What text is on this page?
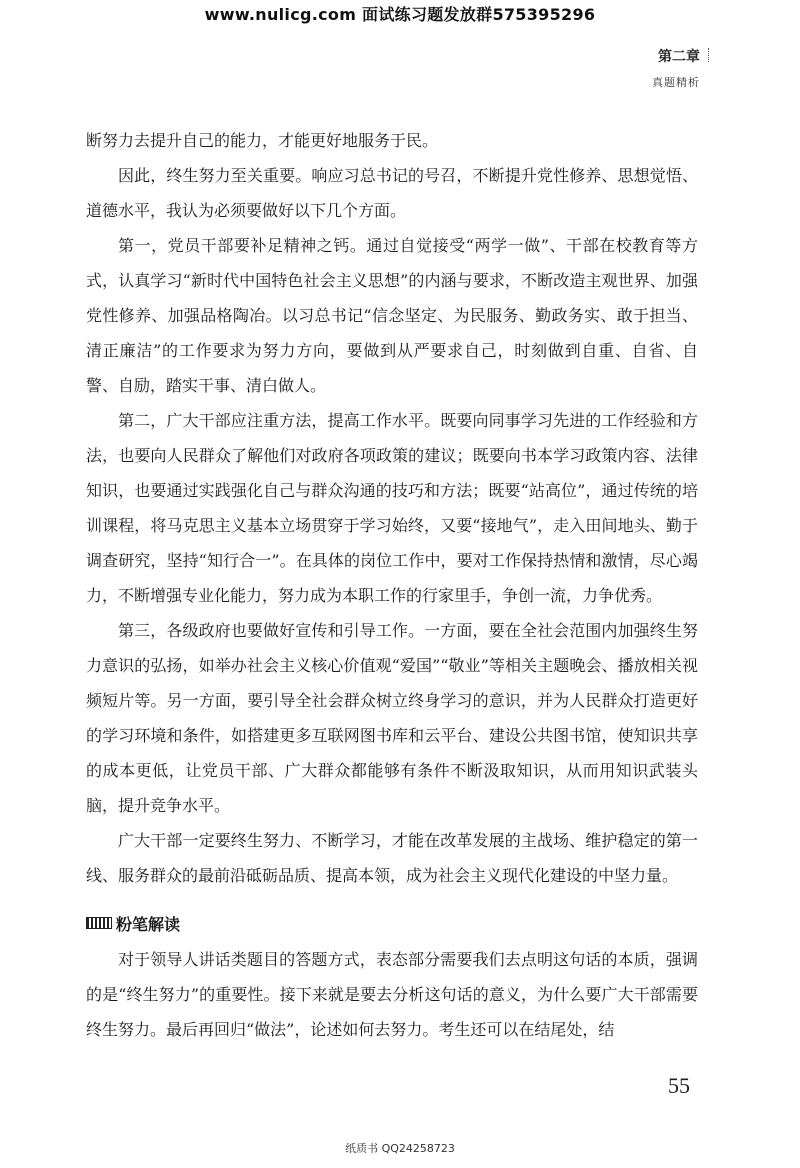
www.nulicg.com 面试练习题发放群575395296
第二章
真题精析

断努力去提升自己的能力，才能更好地服务于民。

因此，终生努力至关重要。响应习总书记的号召，不断提升党性修养、思想觉悟、道德水平，我认为必须要做好以下几个方面。

第一，党员干部要补足精神之钙。通过自觉接受“两学一做”、干部在校教育等方式，认真学习“新时代中国特色社会主义思想”的内涵与要求，不断改造主观世界、加强党性修养、加强品格陶冶。以习总书记“信念坚定、为民服务、勤政务实、敢于担当、清正廉洁”的工作要求为努力方向，要做到从严要求自己，时刻做到自重、自省、自警、自励，踏实干事、清白做人。

第二，广大干部应注重方法，提高工作水平。既要向同事学习先进的工作经验和方法，也要向人民群众了解他们对政府各项政策的建议；既要向书本学习政策内容、法律知识，也要通过实践强化自己与群众沟通的技巧和方法；既要“站高位”，通过传统的培训课程，将马克思主义基本立场贯穿于学习始终，又要“接地气”，走入田间地头、勤于调查研究，坚持“知行合一”。在具体的岗位工作中，要对工作保持热情和激情，尽心竭力，不断增强专业化能力，努力成为本职工作的行家里手，争创一流，力争优秀。

第三，各级政府也要做好宣传和引导工作。一方面，要在全社会范围内加强终生努力意识的弘扬，如举办社会主义核心价值观“爱国”“敬业”等相关主题晚会、播放相关视频短片等。另一方面，要引导全社会群众树立终身学习的意识，并为人民群众打造更好的学习环境和条件，如搭建更多互联网图书库和云平台、建设公共图书馆，使知识共享的成本更低，让党员干部、广大群众都能够有条件不断汲取知识，从而用知识武装头脑，提升竞争水平。

广大干部一定要终生努力、不断学习，才能在改革发展的主战场、维护稳定的第一线、服务群众的最前沿砥砺品质、提高本领，成为社会主义现代化建设的中坚力量。

粉笔解读

对于领导人讲话类题目的答题方式，表态部分需要我们去点明这句话的本质，强调的是“终生努力”的重要性。接下来就是要去分析这句话的意义，为什么要广大干部需要终生努力。最后再回归“做法”，论述如何去努力。考生还可以在结尾处，结

55
纸质书 QQ24258723
